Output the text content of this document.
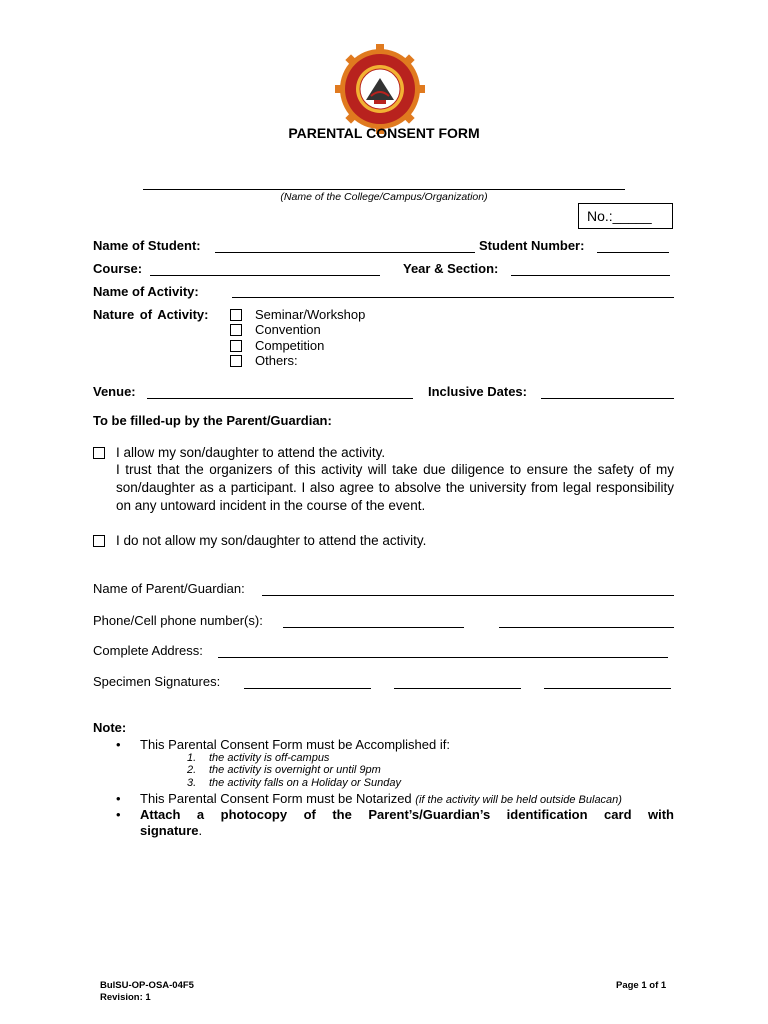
PARENTAL CONSENT FORM
(Name of the College/Campus/Organization)
No.:_____
Name of Student:	Student Number:
Course:	Year & Section:
Name of Activity:
Nature of Activity:	Seminar/Workshop
Convention
Competition
Others:
Venue:	Inclusive Dates:
To be filled-up by the Parent/Guardian:
I allow my son/daughter to attend the activity.
I trust that the organizers of this activity will take due diligence to ensure the safety of my son/daughter as a participant. I also agree to absolve the university from legal responsibility on any untoward incident in the course of the event.
I do not allow my son/daughter to attend the activity.
Name of Parent/Guardian:
Phone/Cell phone number(s):
Complete Address:
Specimen Signatures:
Note:
• This Parental Consent Form must be Accomplished if:
1. the activity is off-campus
2. the activity is overnight or until 9pm
3. the activity falls on a Holiday or Sunday
• This Parental Consent Form must be Notarized (if the activity will be held outside Bulacan)
• Attach a photocopy of the Parent’s/Guardian’s identification card with
signature.
BulSU-OP-OSA-04F5
Revision: 1
Page 1 of 1
